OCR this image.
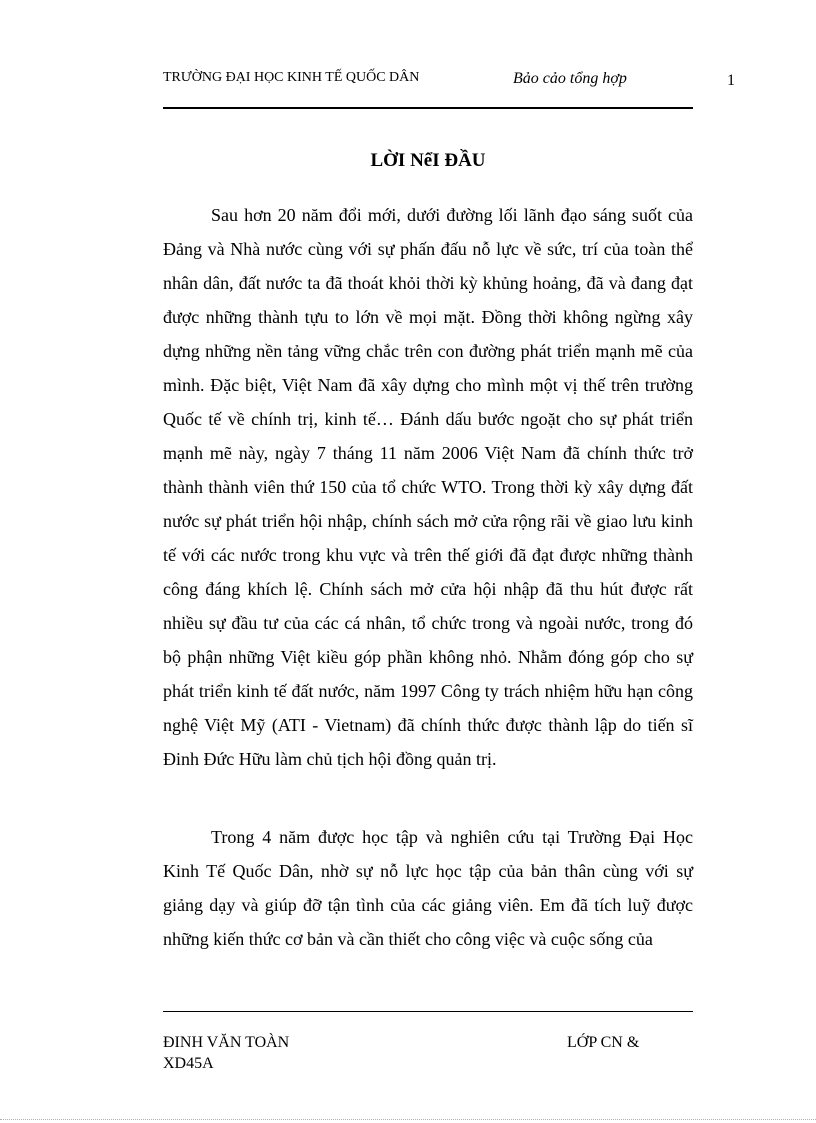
TRƯỜNG ĐẠI HỌC KINH TẾ QUỐC DÂN	Bảo cảo tổng hợp	1
LỜI NểI ĐẦU

Sau hơn 20 năm đổi mới, dưới đường lối lãnh đạo sáng suốt của Đảng và Nhà nước cùng với sự phấn đấu nỗ lực về sức, trí của toàn thể nhân dân, đất nước ta đã thoát khỏi thời kỳ khủng hoảng, đã và đang đạt được những thành tựu to lớn về mọi mặt. Đồng thời không ngừng xây dựng những nền tảng vững chắc trên con đường phát triển mạnh mẽ của mình. Đặc biệt, Việt Nam đã xây dựng cho mình một vị thế trên trường Quốc tế về chính trị, kinh tế… Đánh dấu bước ngoặt cho sự phát triển mạnh mẽ này, ngày 7 tháng 11 năm 2006 Việt Nam đã chính thức trở thành thành viên thứ 150 của tổ chức WTO. Trong thời kỳ xây dựng đất nước sự phát triển hội nhập, chính sách mở cửa rộng rãi về giao lưu kinh tế với các nước trong khu vực và trên thế giới đã đạt được những thành công đáng khích lệ. Chính sách mở cửa hội nhập đã thu hút được rất nhiều sự đầu tư của các cá nhân, tổ chức trong và ngoài nước, trong đó bộ phận những Việt kiều góp phần không nhỏ. Nhằm đóng góp cho sự phát triển kinh tế đất nước, năm 1997 Công ty trách nhiệm hữu hạn công nghệ Việt Mỹ (ATI - Vietnam) đã chính thức được thành lập do tiến sĩ Đinh Đức Hữu làm chủ tịch hội đồng quản trị.

Trong 4 năm được học tập và nghiên cứu tại Trường Đại Học Kinh Tế Quốc Dân, nhờ sự nỗ lực học tập của bản thân cùng với sự giảng dạy và giúp đỡ tận tình của các giảng viên. Em đã tích luỹ được những kiến thức cơ bản và cần thiết cho công việc và cuộc sống của

ĐINH VĂN TOÀN	LỚP CN &
XD45A
